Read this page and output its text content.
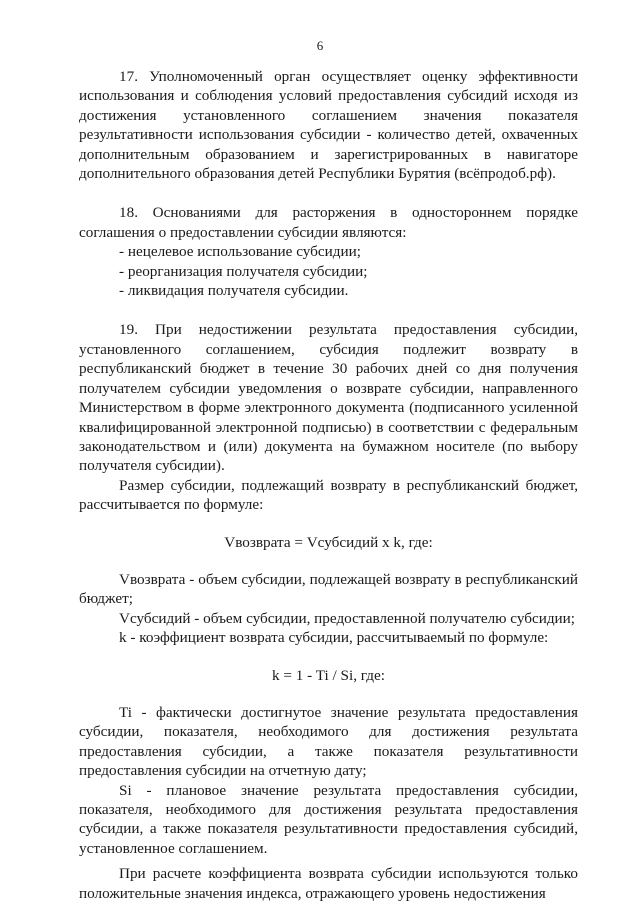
6

17. Уполномоченный орган осуществляет оценку эффективности использования и соблюдения условий предоставления субсидий исходя из достижения установленного соглашением значения показателя результативности использования субсидии - количество детей, охваченных дополнительным образованием и зарегистрированных в навигаторе дополнительного образования детей Республики Бурятия (всёпродоб.рф).

18. Основаниями для расторжения в одностороннем порядке соглашения о предоставлении субсидии являются:

- нецелевое использование субсидии;

- реорганизация получателя субсидии;

- ликвидация получателя субсидии.

19. При недостижении результата предоставления субсидии, установленного соглашением, субсидия подлежит возврату в республиканский бюджет в течение 30 рабочих дней со дня получения получателем субсидии уведомления о возврате субсидии, направленного Министерством в форме электронного документа (подписанного усиленной квалифицированной электронной подписью) в соответствии с федеральным законодательством и (или) документа на бумажном носителе (по выбору получателя субсидии).

Размер субсидии, подлежащий возврату в республиканский бюджет, рассчитывается по формуле:

Vвозврата = Vсубсидий x k, где:

Vвозврата - объем субсидии, подлежащей возврату в республиканский бюджет;

Vсубсидий - объем субсидии, предоставленной получателю субсидии;

k - коэффициент возврата субсидии, рассчитываемый по формуле:

k = 1 - Ti / Si, где:

Ti - фактически достигнутое значение результата предоставления субсидии, показателя, необходимого для достижения результата предоставления субсидии, а также показателя результативности предоставления субсидии на отчетную дату;

Si - плановое значение результата предоставления субсидии, показателя, необходимого для достижения результата предоставления субсидии, а также показателя результативности предоставления субсидий, установленное соглашением.

При расчете коэффициента возврата субсидии используются только положительные значения индекса, отражающего уровень недостижения
